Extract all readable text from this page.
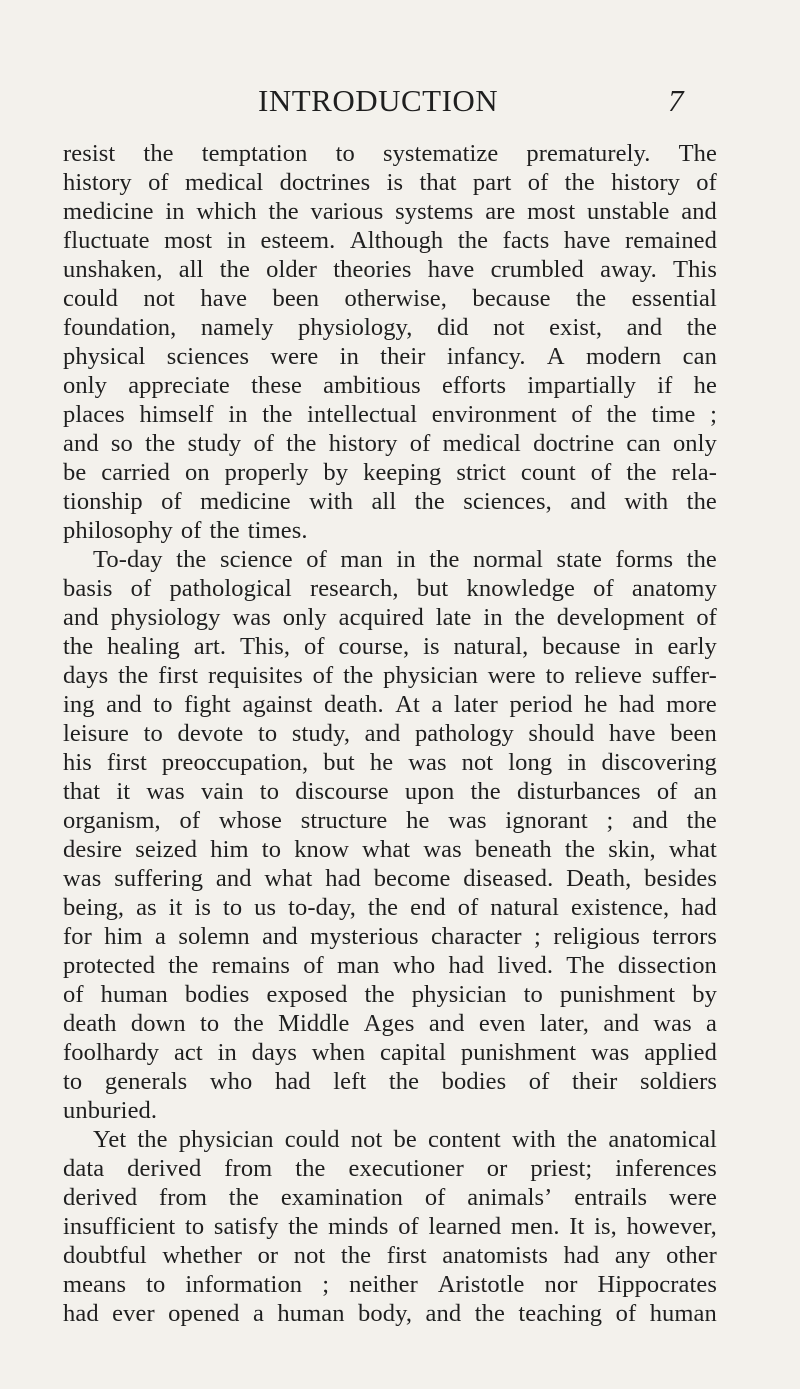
INTRODUCTION	7
resist the temptation to systematize prematurely. The
history of medical doctrines is that part of the history of
medicine in which the various systems are most unstable and
fluctuate most in esteem. Although the facts have remained
unshaken, all the older theories have crumbled away. This
could not have been otherwise, because the essential
foundation, namely physiology, did not exist, and the
physical sciences were in their infancy. A modern can
only appreciate these ambitious efforts impartially if he
places himself in the intellectual environment of the time ;
and so the study of the history of medical doctrine can only
be carried on properly by keeping strict count of the rela-
tionship of medicine with all the sciences, and with the
philosophy of the times.
To-day the science of man in the normal state forms the
basis of pathological research, but knowledge of anatomy
and physiology was only acquired late in the development of
the healing art. This, of course, is natural, because in early
days the first requisites of the physician were to relieve suffer-
ing and to fight against death. At a later period he had more
leisure to devote to study, and pathology should have been
his first preoccupation, but he was not long in discovering
that it was vain to discourse upon the disturbances of an
organism, of whose structure he was ignorant ; and the
desire seized him to know what was beneath the skin, what
was suffering and what had become diseased. Death, besides
being, as it is to us to-day, the end of natural existence, had
for him a solemn and mysterious character ; religious terrors
protected the remains of man who had lived. The dissection
of human bodies exposed the physician to punishment by
death down to the Middle Ages and even later, and was a
foolhardy act in days when capital punishment was applied
to generals who had left the bodies of their soldiers
unburied.
Yet the physician could not be content with the anatomical
data derived from the executioner or priest; inferences
derived from the examination of animals’ entrails were
insufficient to satisfy the minds of learned men. It is, however,
doubtful whether or not the first anatomists had any other
means to information ; neither Aristotle nor Hippocrates
had ever opened a human body, and the teaching of human
